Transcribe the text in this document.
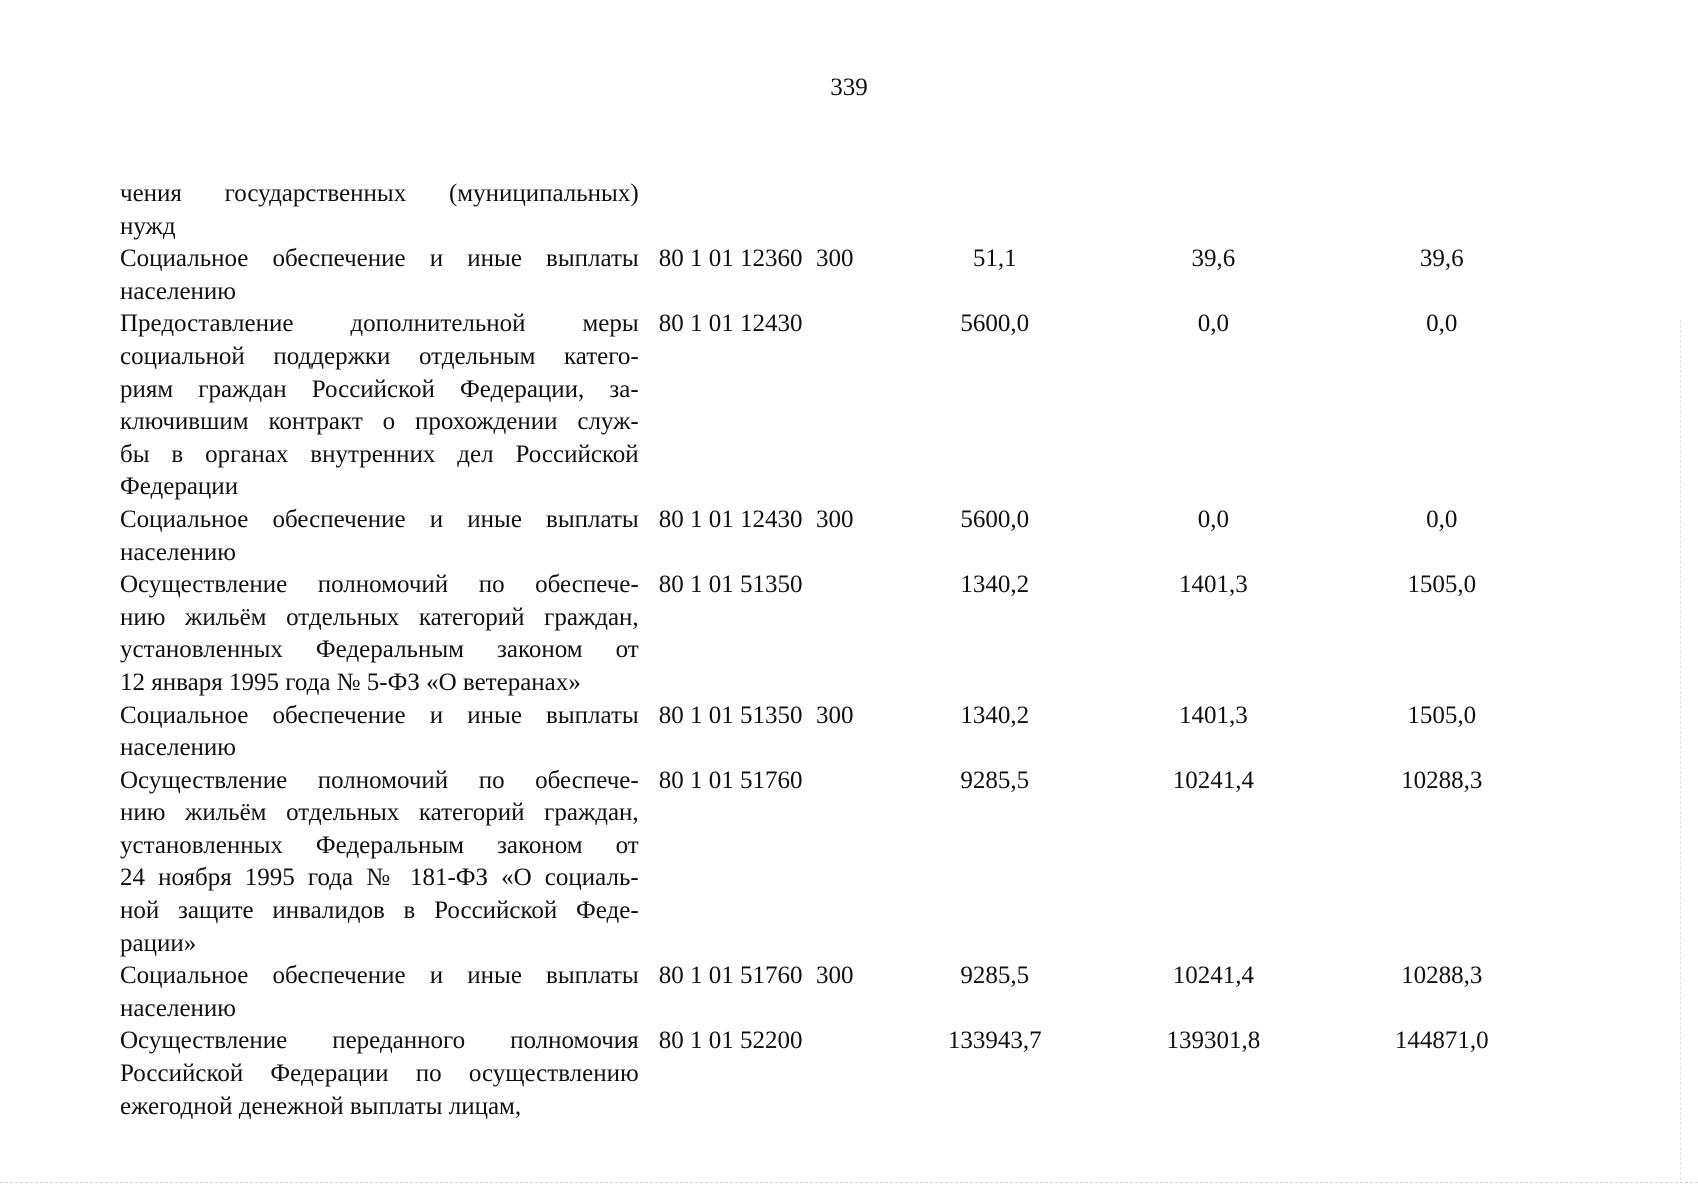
339
чения государственных (муниципальных)
нужд
Социальное обеспечение и иные выплаты
населению
80 1 01 12360 300	51,1	39,6	39,6
Предоставление дополнительной меры
социальной поддержки отдельным катего-
риям граждан Российской Федерации, за-
ключившим контракт о прохождении служ-
бы в органах внутренних дел Российской
Федерации
80 1 01 12430	5600,0	0,0	0,0
Социальное обеспечение и иные выплаты
населению
80 1 01 12430 300	5600,0	0,0	0,0
Осуществление полномочий по обеспече-
нию жильём отдельных категорий граждан,
установленных Федеральным законом от
12 января 1995 года № 5-ФЗ «О ветеранах»
80 1 01 51350	1340,2	1401,3	1505,0
Социальное обеспечение и иные выплаты
населению
80 1 01 51350 300	1340,2	1401,3	1505,0
Осуществление полномочий по обеспече-
нию жильём отдельных категорий граждан,
установленных Федеральным законом от
24 ноября 1995 года № 181-ФЗ «О социаль-
ной защите инвалидов в Российской Феде-
рации»
80 1 01 51760	9285,5	10241,4	10288,3
Социальное обеспечение и иные выплаты
населению
80 1 01 51760 300	9285,5	10241,4	10288,3
Осуществление переданного полномочия
Российской Федерации по осуществлению
ежегодной денежной выплаты лицам,
80 1 01 52200	133943,7	139301,8	144871,0
